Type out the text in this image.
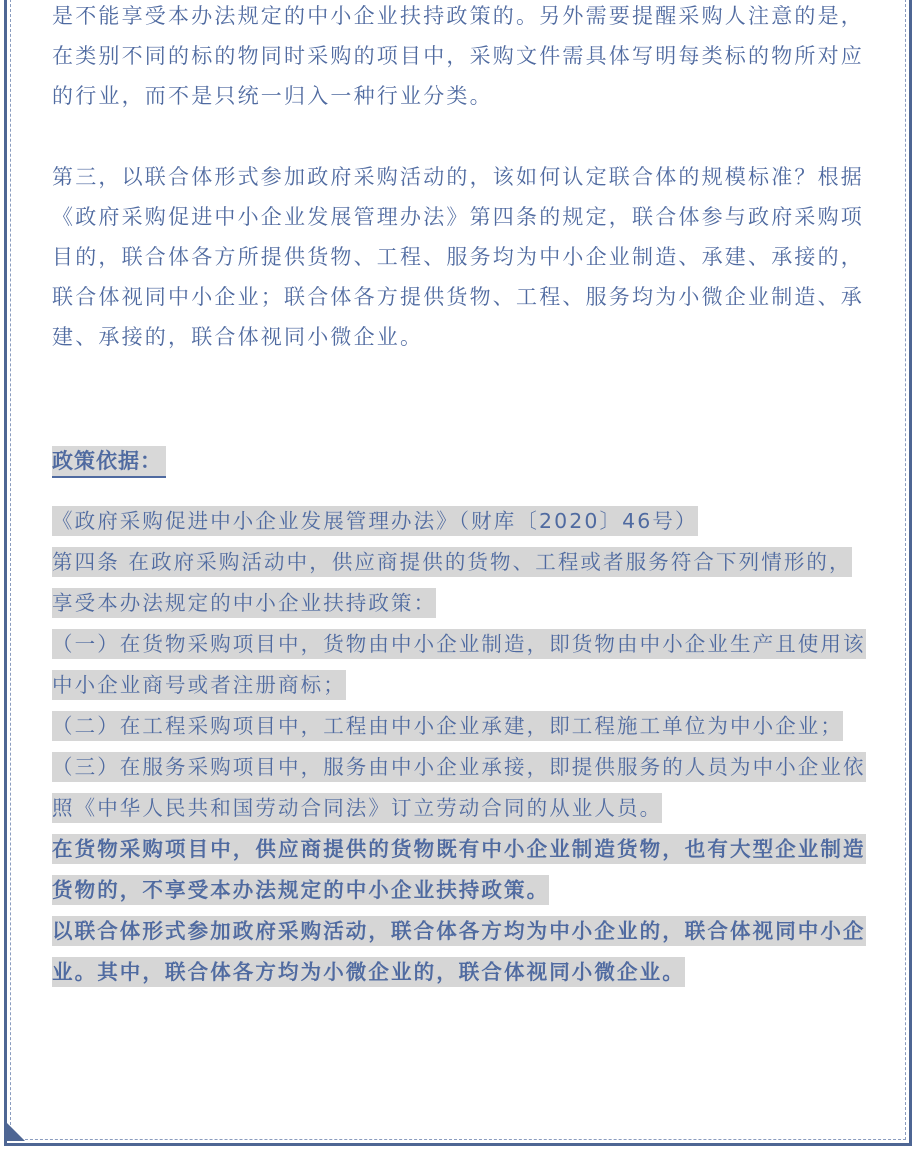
是不能享受本办法规定的中小企业扶持政策的。另外需要提醒采购人注意的是，在类别不同的标的物同时采购的项目中，采购文件需具体写明每类标的物所对应的行业，而不是只统一归入一种行业分类。

第三，以联合体形式参加政府采购活动的，该如何认定联合体的规模标准？根据《政府采购促进中小企业发展管理办法》第四条的规定，联合体参与政府采购项目的，联合体各方所提供货物、工程、服务均为中小企业制造、承建、承接的，联合体视同中小企业；联合体各方提供货物、工程、服务均为小微企业制造、承建、承接的，联合体视同小微企业。

政策依据：

《政府采购促进中小企业发展管理办法》（财库〔2020〕46号）

第四条 在政府采购活动中，供应商提供的货物、工程或者服务符合下列情形的，享受本办法规定的中小企业扶持政策：

（一）在货物采购项目中，货物由中小企业制造，即货物由中小企业生产且使用该中小企业商号或者注册商标；

（二）在工程采购项目中，工程由中小企业承建，即工程施工单位为中小企业；

（三）在服务采购项目中，服务由中小企业承接，即提供服务的人员为中小企业依照《中华人民共和国劳动合同法》订立劳动合同的从业人员。

在货物采购项目中，供应商提供的货物既有中小企业制造货物，也有大型企业制造货物的，不享受本办法规定的中小企业扶持政策。

以联合体形式参加政府采购活动，联合体各方均为中小企业的，联合体视同中小企业。其中，联合体各方均为小微企业的，联合体视同小微企业。
